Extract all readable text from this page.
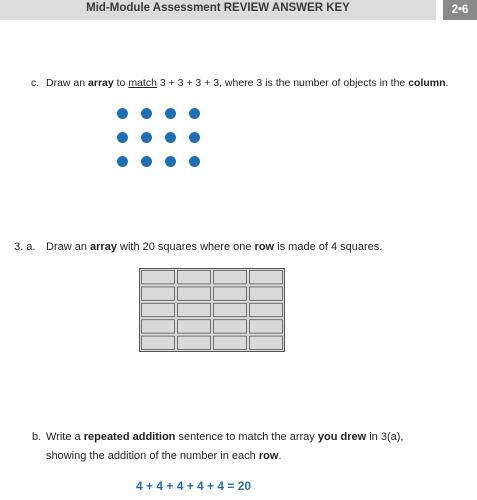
Mid-Module Assessment REVIEW ANSWER KEY	2•6
c. Draw an array to match 3 + 3 + 3 + 3, where 3 is the number of objects in the column.
3. a. Draw an array with 20 squares where one row is made of 4 squares.
b. Write a repeated addition sentence to match the array you drew in 3(a),
showing the addition of the number in each row.
4 + 4 + 4 + 4 + 4 = 20
